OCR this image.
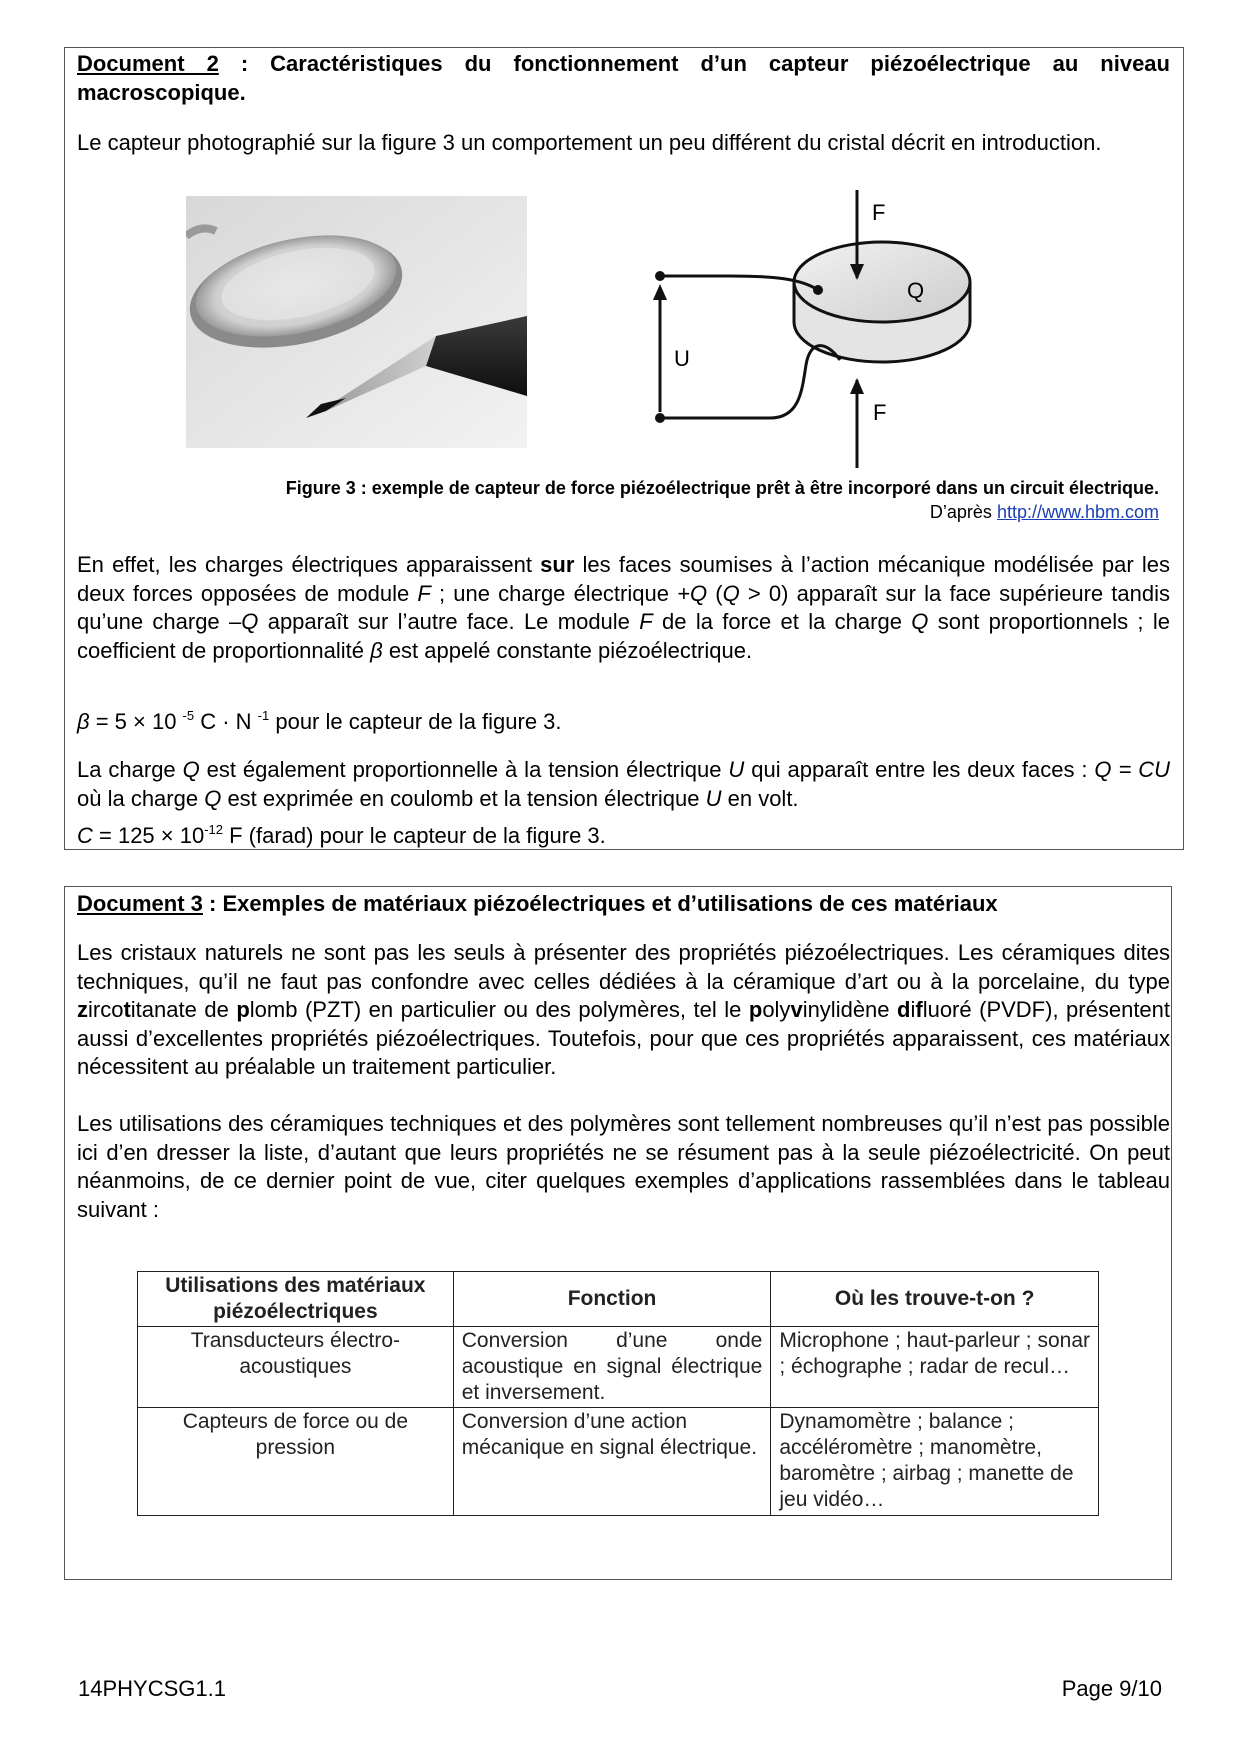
Document 2 : Caractéristiques du fonctionnement d’un capteur piézoélectrique au niveau macroscopique.

Le capteur photographié sur la figure 3 un comportement un peu différent du cristal décrit en introduction.

F
Q
U
F
Figure 3 : exemple de capteur de force piézoélectrique prêt à être incorporé dans un circuit électrique.
D’après http://www.hbm.com

En effet, les charges électriques apparaissent sur les faces soumises à l’action mécanique modélisée par les deux forces opposées de module F ; une charge électrique +Q (Q > 0) apparaît sur la face supérieure tandis qu’une charge –Q apparaît sur l’autre face. Le module F de la force et la charge Q sont proportionnels ; le coefficient de proportionnalité β est appelé constante piézoélectrique.

β = 5 × 10 $^{-5}$ C · N $^{-1}$ pour le capteur de la figure 3.

La charge Q est également proportionnelle à la tension électrique U qui apparaît entre les deux faces : Q = CU où la charge Q est exprimée en coulomb et la tension électrique U en volt.

$C = 125 \times 10^{-12}$ F (farad) pour le capteur de la figure 3.

Document 3 : Exemples de matériaux piézoélectriques et d’utilisations de ces matériaux

Les cristaux naturels ne sont pas les seuls à présenter des propriétés piézoélectriques. Les céramiques dites techniques, qu’il ne faut pas confondre avec celles dédiées à la céramique d’art ou à la porcelaine, du type zircotitanate de plomb (PZT) en particulier ou des polymères, tel le polyvinylidène difluoré (PVDF), présentent aussi d’excellentes propriétés piézoélectriques. Toutefois, pour que ces propriétés apparaissent, ces matériaux nécessitent au préalable un traitement particulier.

Les utilisations des céramiques techniques et des polymères sont tellement nombreuses qu’il n’est pas possible ici d’en dresser la liste, d’autant que leurs propriétés ne se résument pas à la seule piézoélectricité. On peut néanmoins, de ce dernier point de vue, citer quelques exemples d’applications rassemblées dans le tableau suivant :

Utilisations des matériaux piézoélectriques	Fonction	Où les trouve-t-on ?
Transducteurs électro-acoustiques	Conversion d’une onde acoustique en signal électrique et inversement.	Microphone ; haut-parleur ; sonar ; échographe ; radar de recul…
Capteurs de force ou de pression	Conversion d’une action mécanique en signal électrique.	Dynamomètre ; balance ; accéléromètre ; manomètre, baromètre ; airbag ; manette de jeu vidéo…
14PHYCSG1.1	Page 9/10
